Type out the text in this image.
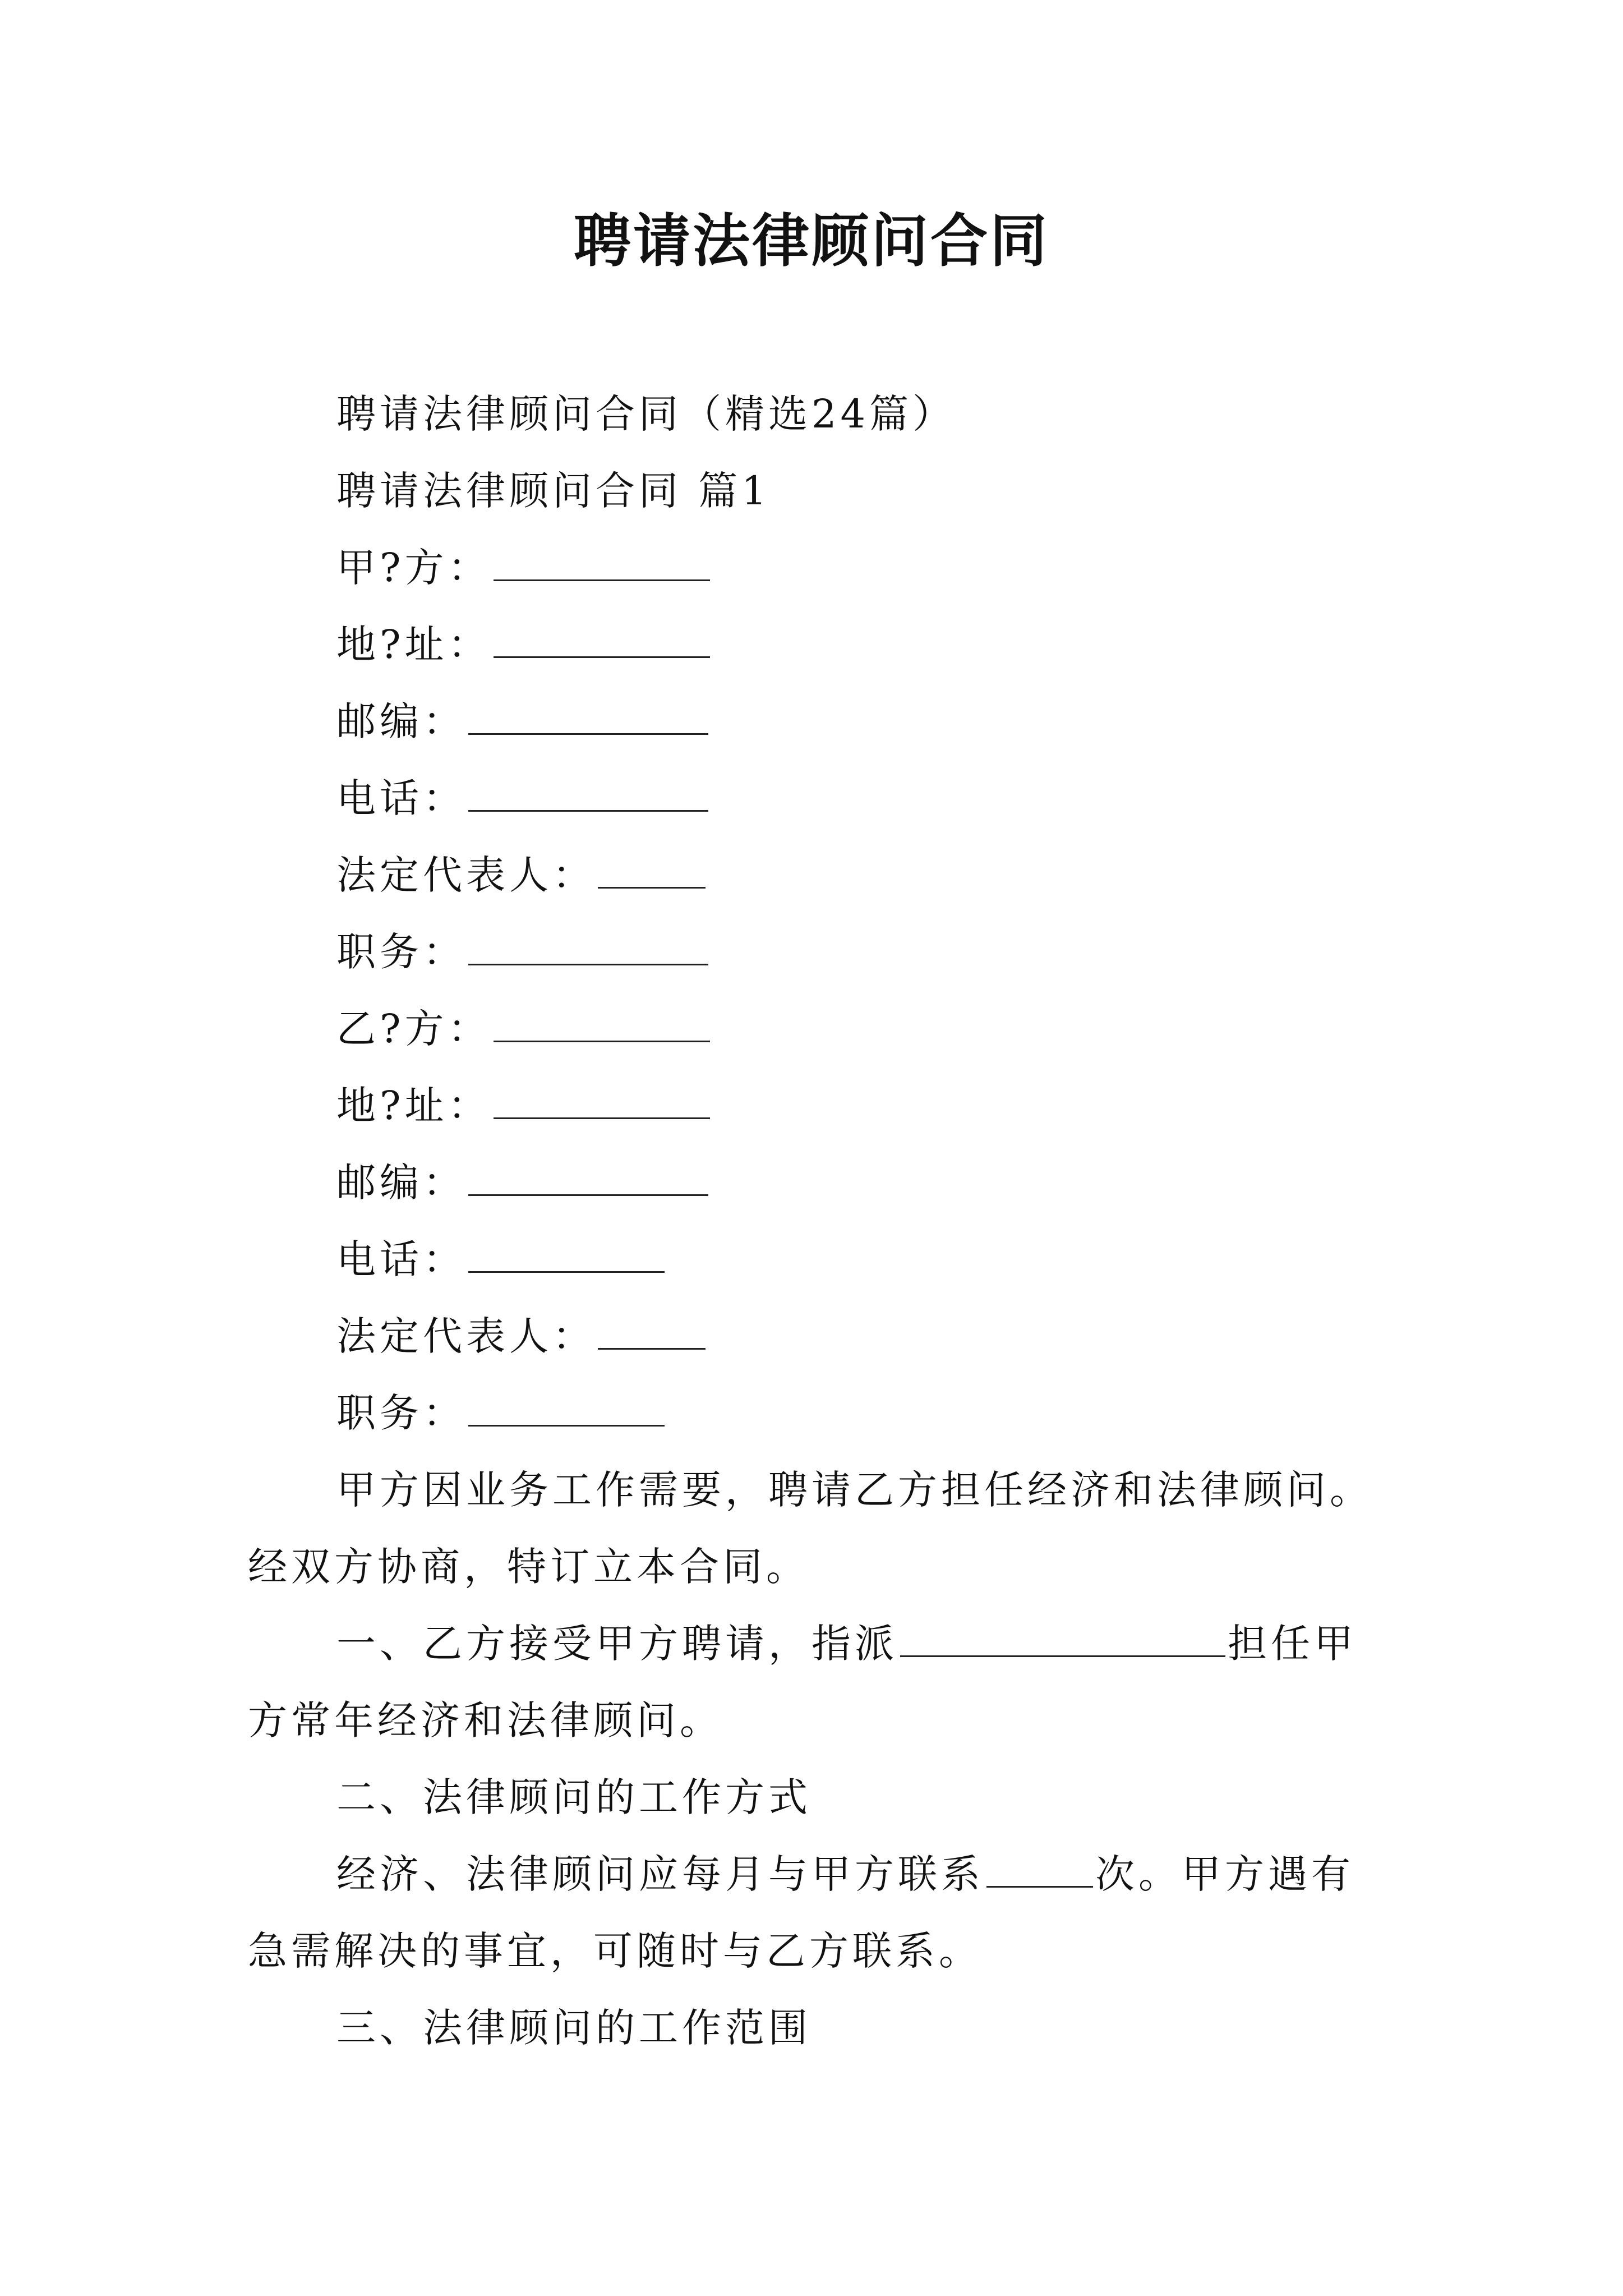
聘请法律顾问合同
聘请法律顾问合同（精选24篇）
聘请法律顾问合同 篇1
甲?方：
地?址：
邮编：
电话：
法定代表人：
职务：
乙?方：
地?址：
邮编：
电话：
法定代表人：
职务：
甲方因业务工作需要，聘请乙方担任经济和法律顾问。
经双方协商，特订立本合同。
一、乙方接受甲方聘请，指派	担任甲
方常年经济和法律顾问。
二、法律顾问的工作方式
经济、法律顾问应每月与甲方联系	次。甲方遇有
急需解决的事宜，可随时与乙方联系。
三、法律顾问的工作范围
